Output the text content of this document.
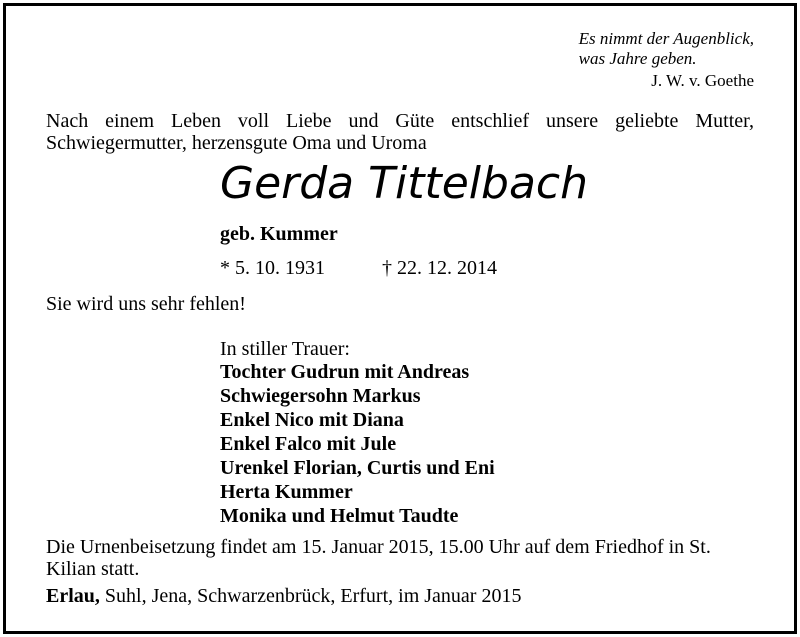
Es nimmt der Augenblick,
was Jahre geben.
J. W. v. Goethe
Nach einem Leben voll Liebe und Güte entschlief unsere geliebte Mutter, Schwiegermutter, herzensgute Oma und Uroma
Gerda Tittelbach
geb. Kummer
* 5. 10. 1931	† 22. 12. 2014
Sie wird uns sehr fehlen!
In stiller Trauer:
Tochter Gudrun mit Andreas
Schwiegersohn Markus
Enkel Nico mit Diana
Enkel Falco mit Jule
Urenkel Florian, Curtis und Eni
Herta Kummer
Monika und Helmut Taudte
Die Urnenbeisetzung findet am 15. Januar 2015, 15.00 Uhr auf dem Friedhof in St. Kilian statt.
Erlau, Suhl, Jena, Schwarzenbrück, Erfurt, im Januar 2015
